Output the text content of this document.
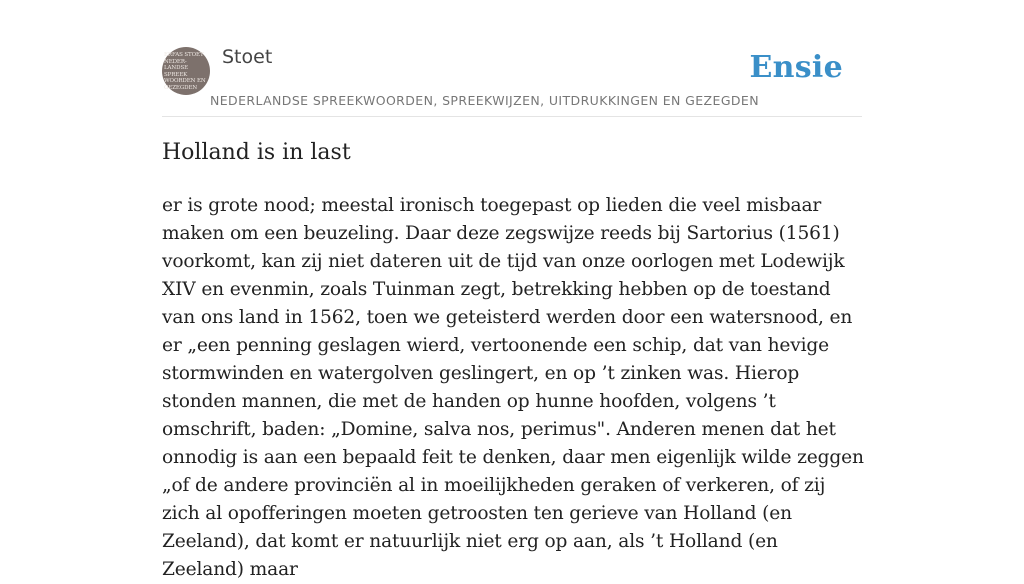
ERFAS STOET
NEDER-
LANDSE
SPREEK
WOORDEN EN
GEZEGDEN
Stoet	Ensie
NEDERLANDSE SPREEKWOORDEN, SPREEKWIJZEN, UITDRUKKINGEN EN GEZEGDEN
Holland is in last

er is grote nood; meestal ironisch toegepast op lieden die veel misbaar maken om een beuzeling. Daar deze zegswijze reeds bij Sartorius (1561) voorkomt, kan zij niet dateren uit de tijd van onze oorlogen met Lodewijk XIV en evenmin, zoals Tuinman zegt, betrekking hebben op de toestand van ons land in 1562, toen we geteisterd werden door een watersnood, en er „een penning geslagen wierd, vertoonende een schip, dat van hevige stormwinden en watergolven geslingert, en op ’t zinken was. Hierop stonden mannen, die met de handen op hunne hoofden, volgens ’t omschrift, baden: „Domine, salva nos, perimus". Anderen menen dat het onnodig is aan een bepaald feit te denken, daar men eigenlijk wilde zeggen „of de andere provinciën al in moeilijkheden geraken of verkeren, of zij zich al opofferingen moeten getroosten ten gerieve van Holland (en Zeeland), dat komt er natuurlijk niet erg op aan, als ’t Holland (en Zeeland) maar
